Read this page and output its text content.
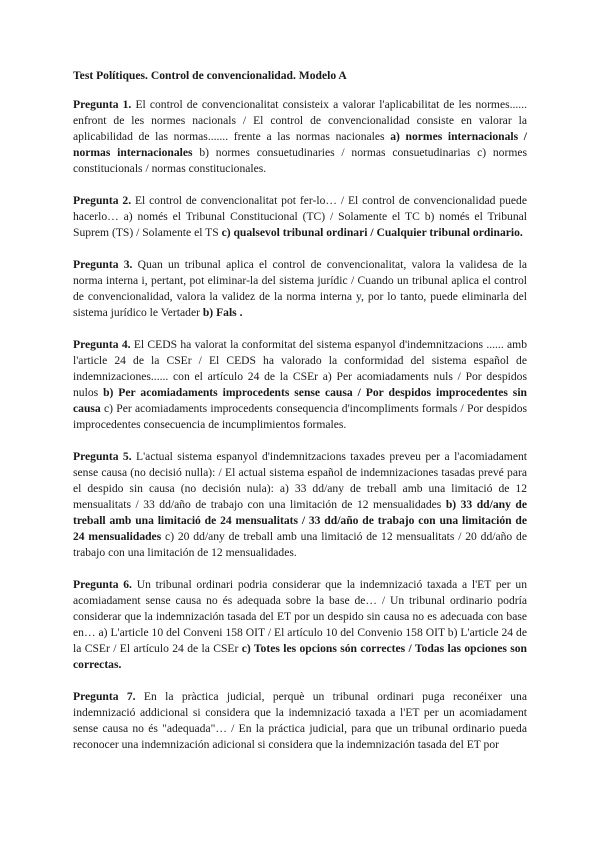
Test Polítiques. Control de convencionalidad. Modelo A

Pregunta 1. El control de convencionalitat consisteix a valorar l'aplicabilitat de les normes...... enfront de les normes nacionals / El control de convencionalidad consiste en valorar la aplicabilidad de las normas....... frente a las normas nacionales a) normes internacionals / normas internacionales b) normes consuetudinaries / normas consuetudinarias c) normes constitucionals / normas constitucionales.

Pregunta 2. El control de convencionalitat pot fer-lo… / El control de convencionalidad puede hacerlo… a) només el Tribunal Constitucional (TC) / Solamente el TC b) només el Tribunal Suprem (TS) / Solamente el TS c) qualsevol tribunal ordinari / Cualquier tribunal ordinario.

Pregunta 3. Quan un tribunal aplica el control de convencionalitat, valora la validesa de la norma interna i, pertant, pot eliminar-la del sistema jurídic / Cuando un tribunal aplica el control de convencionalidad, valora la validez de la norma interna y, por lo tanto, puede eliminarla del sistema jurídico le Vertader b) Fals .

Pregunta 4. El CEDS ha valorat la conformitat del sistema espanyol d'indemnitzacions ...... amb l'article 24 de la CSEr / El CEDS ha valorado la conformidad del sistema español de indemnizaciones...... con el artículo 24 de la CSEr a) Per acomiadaments nuls / Por despidos nulos b) Per acomiadaments improcedents sense causa / Por despidos improcedentes sin causa c) Per acomiadaments improcedents consequencia d'incompliments formals / Por despidos improcedentes consecuencia de incumplimientos formales.

Pregunta 5. L'actual sistema espanyol d'indemnitzacions taxades preveu per a l'acomiadament sense causa (no decisió nulla): / El actual sistema español de indemnizaciones tasadas prevé para el despido sin causa (no decisión nula): a) 33 dd/any de treball amb una limitació de 12 mensualitats / 33 dd/año de trabajo con una limitación de 12 mensualidades b) 33 dd/any de treball amb una limitació de 24 mensualitats / 33 dd/año de trabajo con una limitación de 24 mensualidades c) 20 dd/any de treball amb una limitació de 12 mensualitats / 20 dd/año de trabajo con una limitación de 12 mensualidades.

Pregunta 6. Un tribunal ordinari podria considerar que la indemnizació taxada a l'ET per un acomiadament sense causa no és adequada sobre la base de… / Un tribunal ordinario podría considerar que la indemnización tasada del ET por un despido sin causa no es adecuada con base en… a) L'article 10 del Conveni 158 OIT / El artículo 10 del Convenio 158 OIT b) L'article 24 de la CSEr / El artículo 24 de la CSEr c) Totes les opcions són correctes / Todas las opciones son correctas.

Pregunta 7. En la pràctica judicial, perquè un tribunal ordinari puga reconéixer una indemnizació addicional si considera que la indemnizació taxada a l'ET per un acomiadament sense causa no és "adequada"… / En la práctica judicial, para que un tribunal ordinario pueda reconocer una indemnización adicional si considera que la indemnización tasada del ET por
